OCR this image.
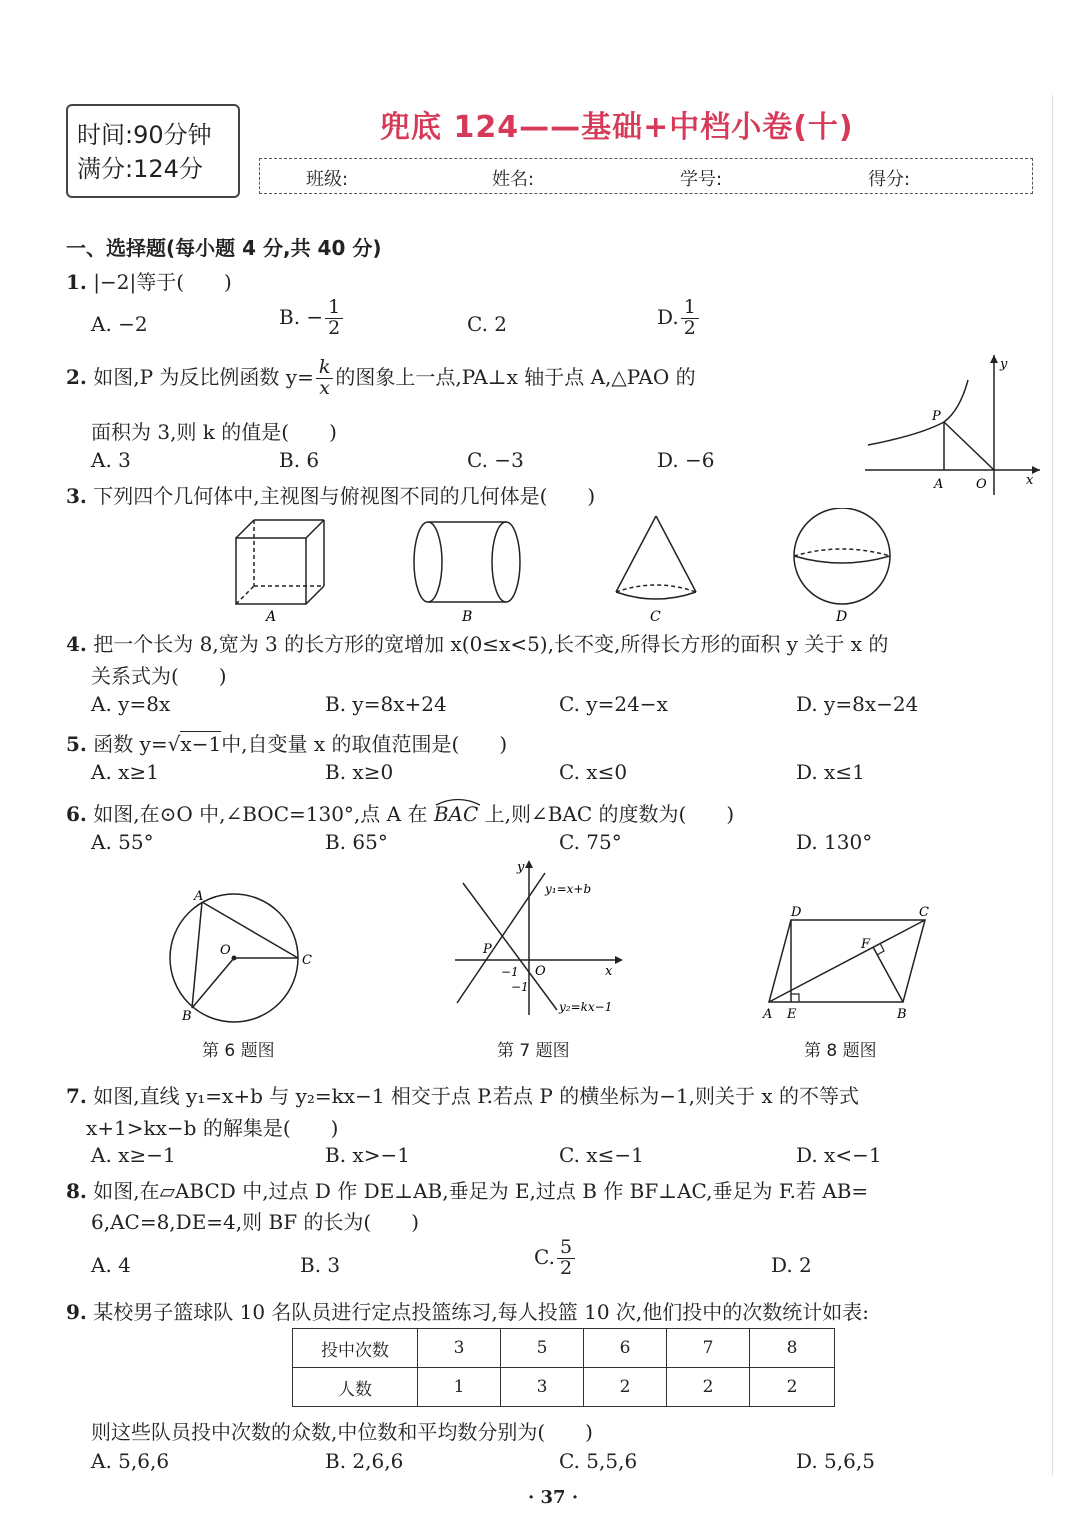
时间:90分钟
满分:124分
兜底 124——基础+中档小卷(十)
班级:	姓名:	学号:	得分:
一、选择题(每小题 4 分,共 40 分)
1. |−2|等于(　　)
A. −2	B. − $\frac{1}{2}$	C. 2	D. $\frac{1}{2}$
2. 如图,P 为反比例函数 $y= \frac{k}{x}$ 的图象上一点,PA⊥x 轴于点 A,△PAO 的
面积为 3,则 k 的值是(　　)
A. 3	B. 6	C. −3	D. −6
P
A	O	x
y
3. 下列四个几何体中,主视图与俯视图不同的几何体是(　　)
A	B	C	D
4. 把一个长为 8,宽为 3 的长方形的宽增加 x(0≤x<5),长不变,所得长方形的面积 y 关于 x 的
关系式为(　　)
A. y=8x	B. y=8x+24	C. y=24−x	D. y=8x−24
5. 函数 y=√x−1中,自变量 x 的取值范围是(　　)
A. x≥1	B. x≥0	C. x≤0	D. x≤1
6. 如图,在⊙O 中,∠BOC=130°,点 A 在 BAC
上,则∠BAC 的度数为(　　)
A. 55°	B. 65°	C. 75°	D. 130°
A
O
B
C
第 6 题图
y
y₁=x+b
P
−1 O	x
−1
y₂=kx−1
第 7 题图
D	C
F
A E	B
第 8 题图
7. 如图,直线 y₁=x+b 与 y₂=kx−1 相交于点 P.若点 P 的横坐标为−1,则关于 x 的不等式
x+1>kx−b 的解集是(　　)
A. x≥−1	B. x>−1	C. x≤−1	D. x<−1
8. 如图,在▱ABCD 中,过点 D 作 DE⊥AB,垂足为 E,过点 B 作 BF⊥AC,垂足为 F.若 AB=
6,AC=8,DE=4,则 BF 的长为(　　)
A. 4	B. 3	C. $\frac{5}{2}$	D. 2
9. 某校男子篮球队 10 名队员进行定点投篮练习,每人投篮 10 次,他们投中的次数统计如表:
投中次数	3	5	6	7	8
人数	1	3	2	2	2
则这些队员投中次数的众数,中位数和平均数分别为(　　)
A. 5,6,6	B. 2,6,6	C. 5,5,6	D. 5,6,5
· 37 ·
